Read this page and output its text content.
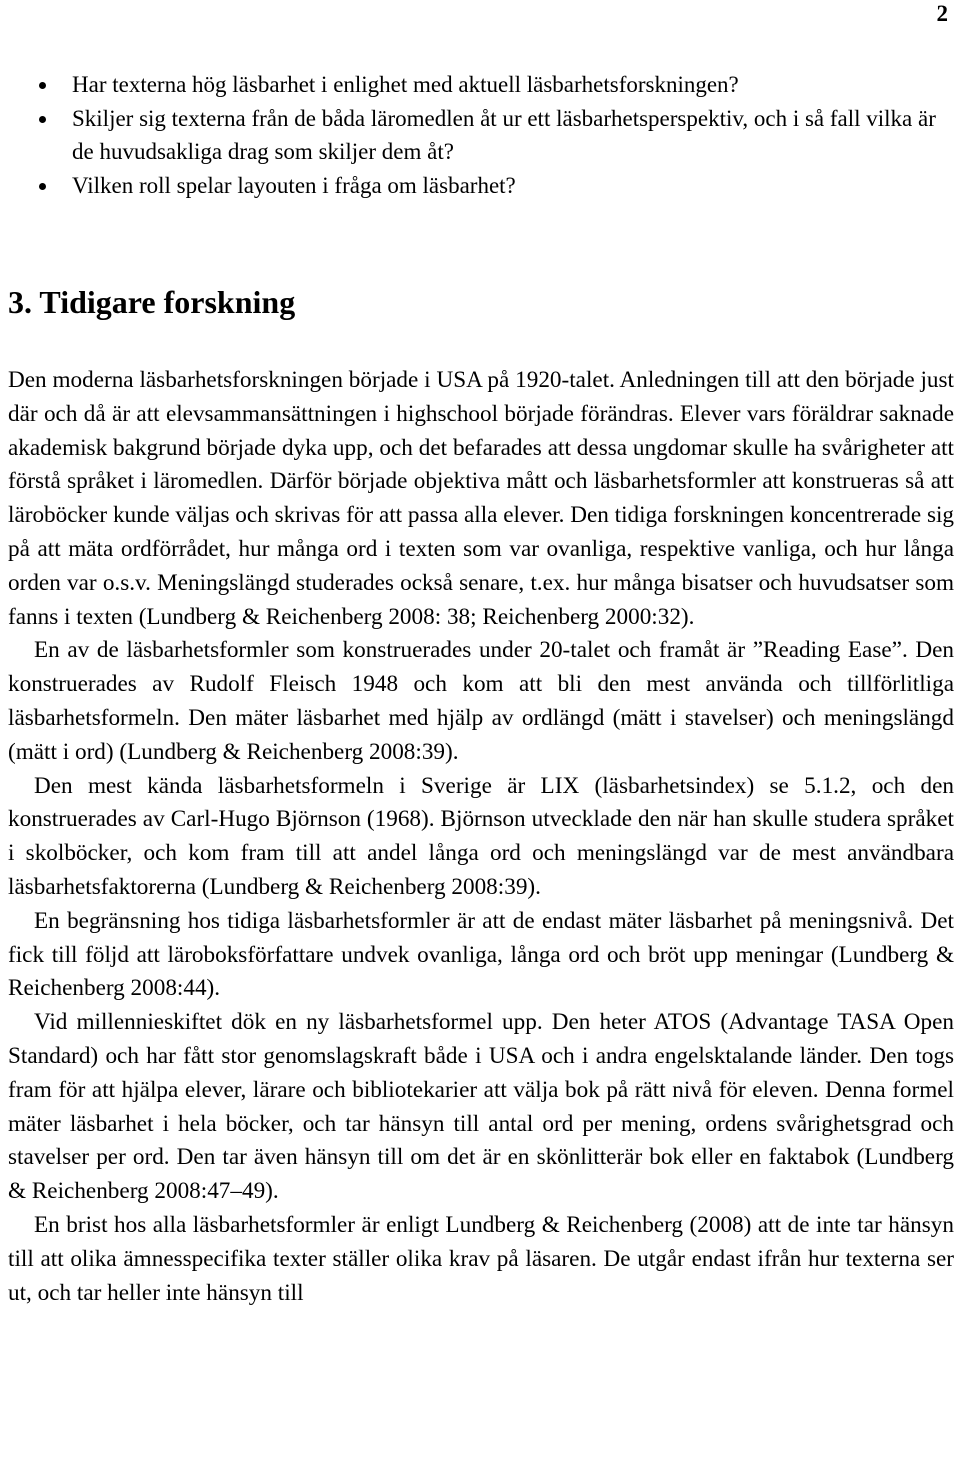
2
Har texterna hög läsbarhet i enlighet med aktuell läsbarhetsforskningen?
Skiljer sig texterna från de båda läromedlen åt ur ett läsbarhetsperspektiv, och i så fall vilka är de huvudsakliga drag som skiljer dem åt?
Vilken roll spelar layouten i fråga om läsbarhet?
3. Tidigare forskning

Den moderna läsbarhetsforskningen började i USA på 1920-talet. Anledningen till att den började just där och då är att elevsammansättningen i highschool började förändras. Elever vars föräldrar saknade akademisk bakgrund började dyka upp, och det befarades att dessa ungdomar skulle ha svårigheter att förstå språket i läromedlen. Därför började objektiva mått och läsbarhetsformler att konstrueras så att läroböcker kunde väljas och skrivas för att passa alla elever. Den tidiga forskningen koncentrerade sig på att mäta ordförrådet, hur många ord i texten som var ovanliga, respektive vanliga, och hur långa orden var o.s.v. Meningslängd studerades också senare, t.ex. hur många bisatser och huvudsatser som fanns i texten (Lundberg & Reichenberg 2008: 38; Reichenberg 2000:32).

En av de läsbarhetsformler som konstruerades under 20-talet och framåt är ”Reading Ease”. Den konstruerades av Rudolf Fleisch 1948 och kom att bli den mest använda och tillförlitliga läsbarhetsformeln. Den mäter läsbarhet med hjälp av ordlängd (mätt i stavelser) och meningslängd (mätt i ord) (Lundberg & Reichenberg 2008:39).

Den mest kända läsbarhetsformeln i Sverige är LIX (läsbarhetsindex) se 5.1.2, och den konstruerades av Carl-Hugo Björnson (1968). Björnson utvecklade den när han skulle studera språket i skolböcker, och kom fram till att andel långa ord och meningslängd var de mest användbara läsbarhetsfaktorerna (Lundberg & Reichenberg 2008:39).

En begränsning hos tidiga läsbarhetsformler är att de endast mäter läsbarhet på meningsnivå. Det fick till följd att läroboksförfattare undvek ovanliga, långa ord och bröt upp meningar (Lundberg & Reichenberg 2008:44).

Vid millennieskiftet dök en ny läsbarhetsformel upp. Den heter ATOS (Advantage TASA Open Standard) och har fått stor genomslagskraft både i USA och i andra engelsktalande länder. Den togs fram för att hjälpa elever, lärare och bibliotekarier att välja bok på rätt nivå för eleven. Denna formel mäter läsbarhet i hela böcker, och tar hänsyn till antal ord per mening, ordens svårighetsgrad och stavelser per ord. Den tar även hänsyn till om det är en skönlitterär bok eller en faktabok (Lundberg & Reichenberg 2008:47–49).

En brist hos alla läsbarhetsformler är enligt Lundberg & Reichenberg (2008) att de inte tar hänsyn till att olika ämnesspecifika texter ställer olika krav på läsaren. De utgår endast ifrån hur texterna ser ut, och tar heller inte hänsyn till
